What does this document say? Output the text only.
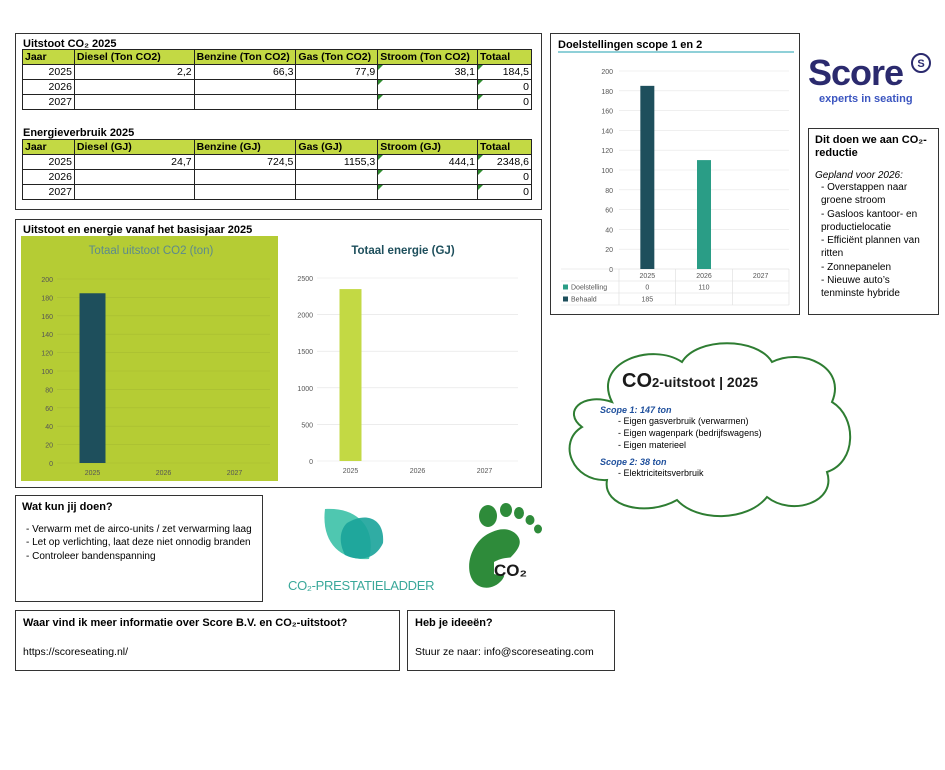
Uitstoot CO₂ 2025
Jaar	Diesel (Ton CO2)	Benzine (Ton CO2)	Gas (Ton CO2)	Stroom (Ton CO2)	Totaal
2025	2,2	66,3	77,9	38,1	184,5
2026					0
2027					0
Energieverbruik 2025
Jaar	Diesel (GJ)	Benzine (GJ)	Gas (GJ)	Stroom (GJ)	Totaal
2025	24,7	724,5	1155,3	444,1	2348,6
2026					0
2027					0
Uitstoot en energie vanaf het basisjaar 2025
Totaal uitstoot CO2 (ton)
0
20
40
60
80
100
120
140
160
180
200
2025	2026	2027
Totaal energie (GJ)
0
500
1000
1500
2000
2500
2025	2026	2027
Doelstellingen scope 1 en 2
0
20
40
60
80
100
120
140
160
180
200
2025	2026	2027
Doelstelling	0	110
Behaald	185
Score S
experts in seating
Dit doen we aan CO₂-reductie
Gepland voor 2026:
- Overstappen naar groene stroom
- Gasloos kantoor- en productielocatie
- Efficiënt plannen van ritten
- Zonnepanelen
- Nieuwe auto’s tenminste hybride
CO2-uitstoot | 2025
Scope 1: 147 ton
- Eigen gasverbruik (verwarmen)
- Eigen wagenpark (bedrijfswagens)
- Eigen materieel
Scope 2: 38 ton
- Elektriciteitsverbruik
Wat kun jij doen?
- Verwarm met de airco-units / zet verwarming laag
- Let op verlichting, laat deze niet onnodig branden
- Controleer bandenspanning
CO₂-PRESTATIELADDER
CO₂
Waar vind ik meer informatie over Score B.V. en CO₂-uitstoot?
https://scoreseating.nl/
Heb je ideeën?
Stuur ze naar: info@scoreseating.com
